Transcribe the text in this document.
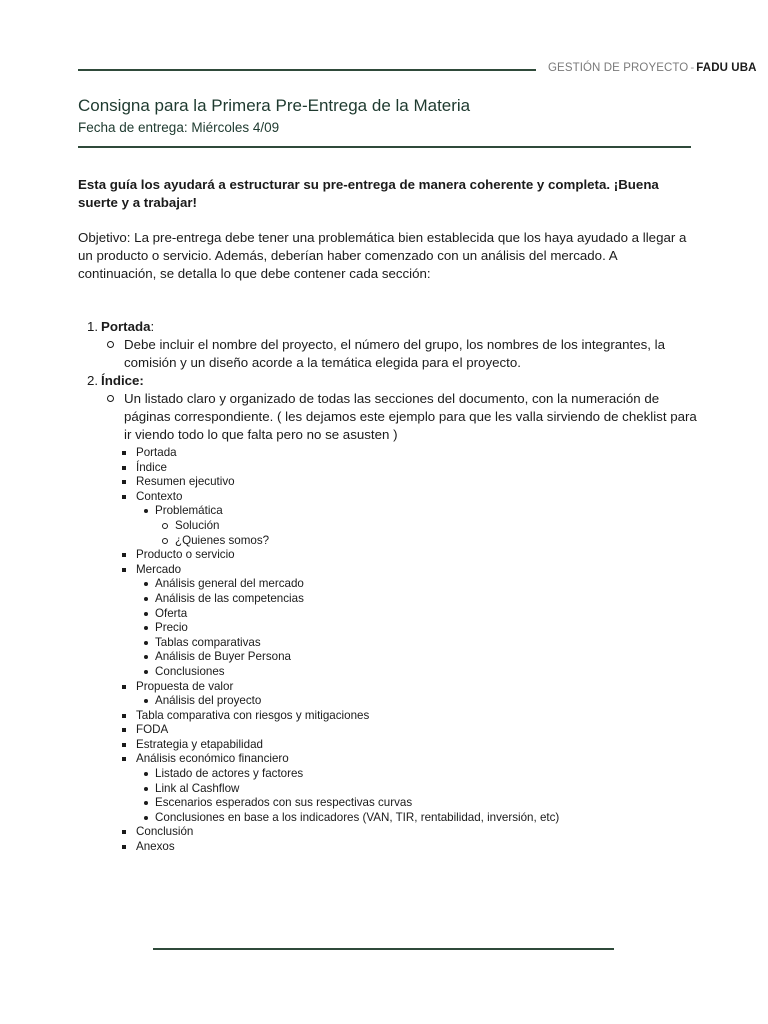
GESTIÓN DE PROYECTO - FADU UBA
Consigna para la Primera Pre-Entrega de la Materia
Fecha de entrega: Miércoles 4/09

Esta guía los ayudará a estructurar su pre-entrega de manera coherente y completa. ¡Buena suerte y a trabajar!

Objetivo: La pre-entrega debe tener una problemática bien establecida que los haya ayudado a llegar a un producto o servicio. Además, deberían haber comenzado con un análisis del mercado. A continuación, se detalla lo que debe contener cada sección:

1. Portada:
Debe incluir el nombre del proyecto, el número del grupo, los nombres de los integrantes, la comisión y un diseño acorde a la temática elegida para el proyecto.
2. Índice:
Un listado claro y organizado de todas las secciones del documento, con la numeración de páginas correspondiente. ( les dejamos este ejemplo para que les valla sirviendo de cheklist para ir viendo todo lo que falta pero no se asusten )
Portada
Índice
Resumen ejecutivo
Contexto
Problemática
Solución
¿Quienes somos?
Producto o servicio
Mercado
Análisis general del mercado
Análisis de las competencias
Oferta
Precio
Tablas comparativas
Análisis de Buyer Persona
Conclusiones
Propuesta de valor
Análisis del proyecto
Tabla comparativa con riesgos y mitigaciones
FODA
Estrategia y etapabilidad
Análisis económico financiero
Listado de actores y factores
Link al Cashflow
Escenarios esperados con sus respectivas curvas
Conclusiones en base a los indicadores (VAN, TIR, rentabilidad, inversión, etc)
Conclusión
Anexos
